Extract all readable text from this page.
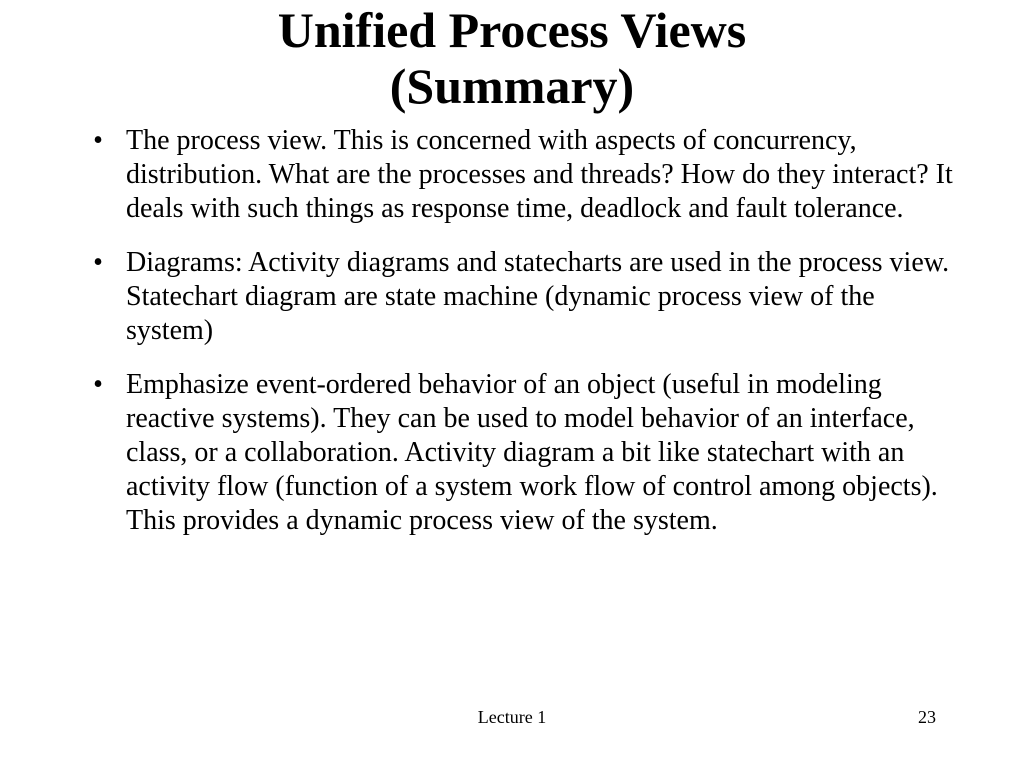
Unified Process Views
(Summary)
• The process view. This is concerned with aspects of concurrency, distribution. What are the processes and threads? How do they interact? It deals with such things as response time, deadlock and fault tolerance.
• Diagrams: Activity diagrams and statecharts are used in the process view. Statechart diagram are state machine (dynamic process view of the system)
• Emphasize event-ordered behavior of an object (useful in modeling reactive systems). They can be used to model behavior of an interface, class, or a collaboration. Activity diagram a bit like statechart with an activity flow (function of a system work flow of control among objects). This provides a dynamic process view of the system.
Lecture 1	23
